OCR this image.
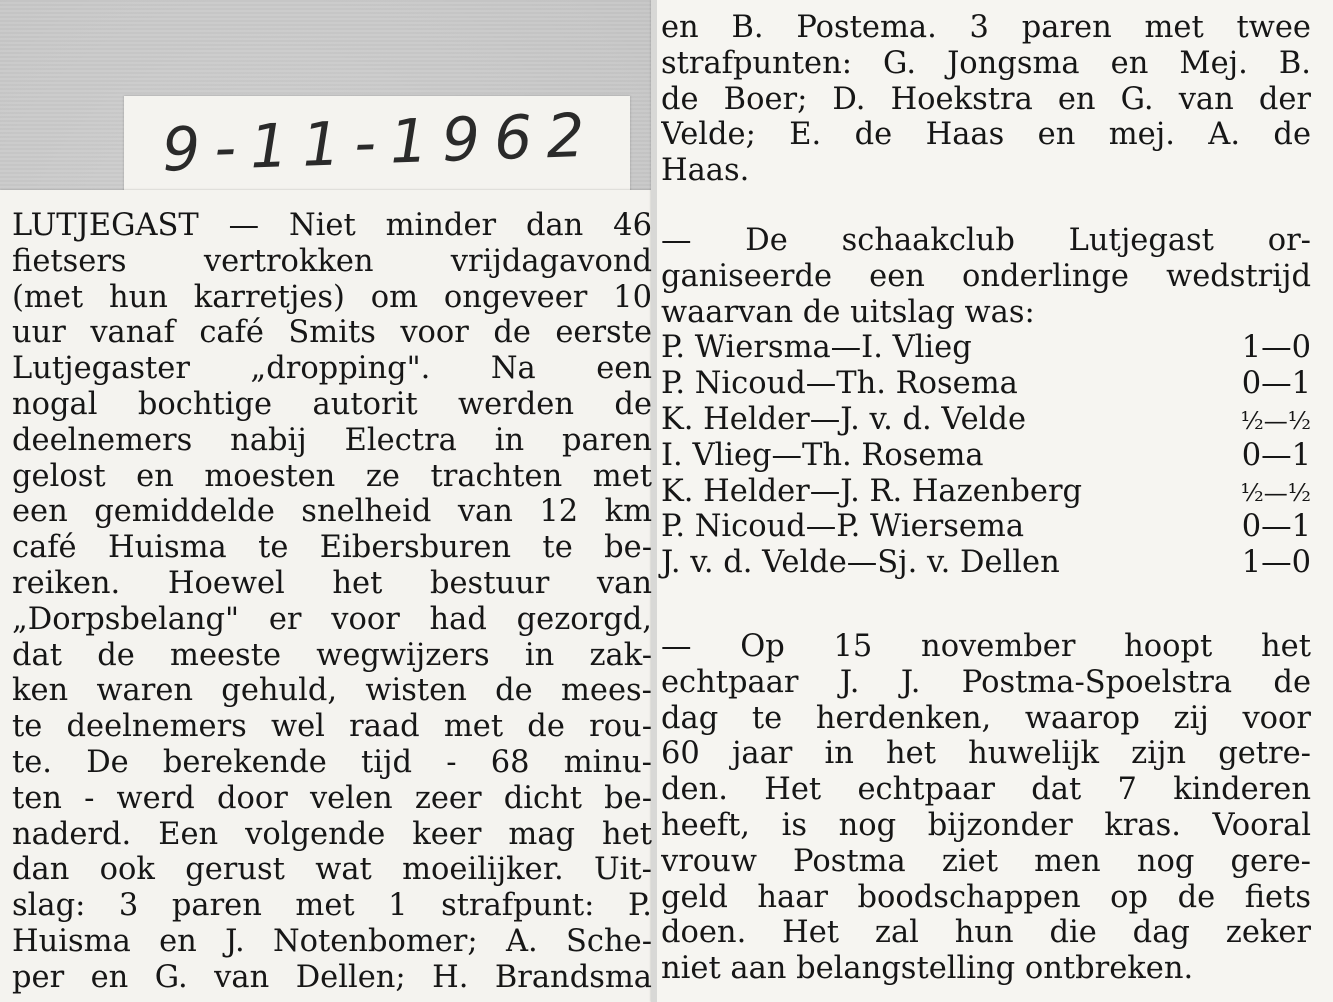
9-11-1962
LUTJEGAST — Niet minder dan 46
fietsers vertrokken vrijdagavond
(met hun karretjes) om ongeveer 10
uur vanaf café Smits voor de eerste
Lutjegaster „dropping". Na een
nogal bochtige autorit werden de
deelnemers nabij Electra in paren
gelost en moesten ze trachten met
een gemiddelde snelheid van 12 km
café Huisma te Eibersburen te be-
reiken. Hoewel het bestuur van
„Dorpsbelang" er voor had gezorgd,
dat de meeste wegwijzers in zak-
ken waren gehuld, wisten de mees-
te deelnemers wel raad met de rou-
te. De berekende tijd - 68 minu-
ten - werd door velen zeer dicht be-
naderd. Een volgende keer mag het
dan ook gerust wat moeilijker. Uit-
slag: 3 paren met 1 strafpunt: P.
Huisma en J. Notenbomer; A. Sche-
per en G. van Dellen; H. Brandsma
en B. Postema. 3 paren met twee
strafpunten: G. Jongsma en Mej. B.
de Boer; D. Hoekstra en G. van der
Velde; E. de Haas en mej. A. de
Haas.
— De schaakclub Lutjegast or-
ganiseerde een onderlinge wedstrijd
waarvan de uitslag was:
P. Wiersma—I. Vlieg	1—0
P. Nicoud—Th. Rosema	0—1
K. Helder—J. v. d. Velde	½—½
I. Vlieg—Th. Rosema	0—1
K. Helder—J. R. Hazenberg	½—½
P. Nicoud—P. Wiersema	0—1
J. v. d. Velde—Sj. v. Dellen	1—0
— Op 15 november hoopt het
echtpaar J. J. Postma-Spoelstra de
dag te herdenken, waarop zij voor
60 jaar in het huwelijk zijn getre-
den. Het echtpaar dat 7 kinderen
heeft, is nog bijzonder kras. Vooral
vrouw Postma ziet men nog gere-
geld haar boodschappen op de fiets
doen. Het zal hun die dag zeker
niet aan belangstelling ontbreken.
